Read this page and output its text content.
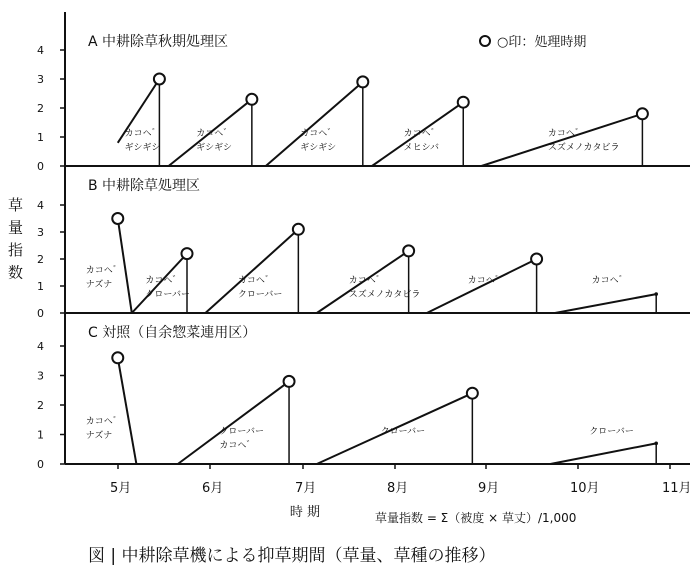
0
1
2
3
4
A 中耕除草秋期処理区
カコヘ゛
ギシギシ
カコヘ゛
ギシギシ
カコヘ゛
ギシギシ
カコヘ゛
メヒシバ
カコヘ゛
スズメノカタビラ
0
1
2
3
4
B 中耕除草処理区
カコヘ゛
ナズナ	カコヘ゛
クローバー
カコヘ゛
クローバー
カコヘ゛
スズメノカタビラ
カコヘ゛	カコヘ゛
0
1
2
3
4
C 対照（自余惣菜連用区）
カコヘ゛
ナズナ	クローバー
カコヘ゛
クローバー	クローバー
5月	6月	7月	8月	9月	10月	11月
草量指数
時 期	草量指数 = Σ（被度 × 草丈）/1,000
図 | 中耕除草機による抑草期間（草量、草種の推移）
○印：処理時期
